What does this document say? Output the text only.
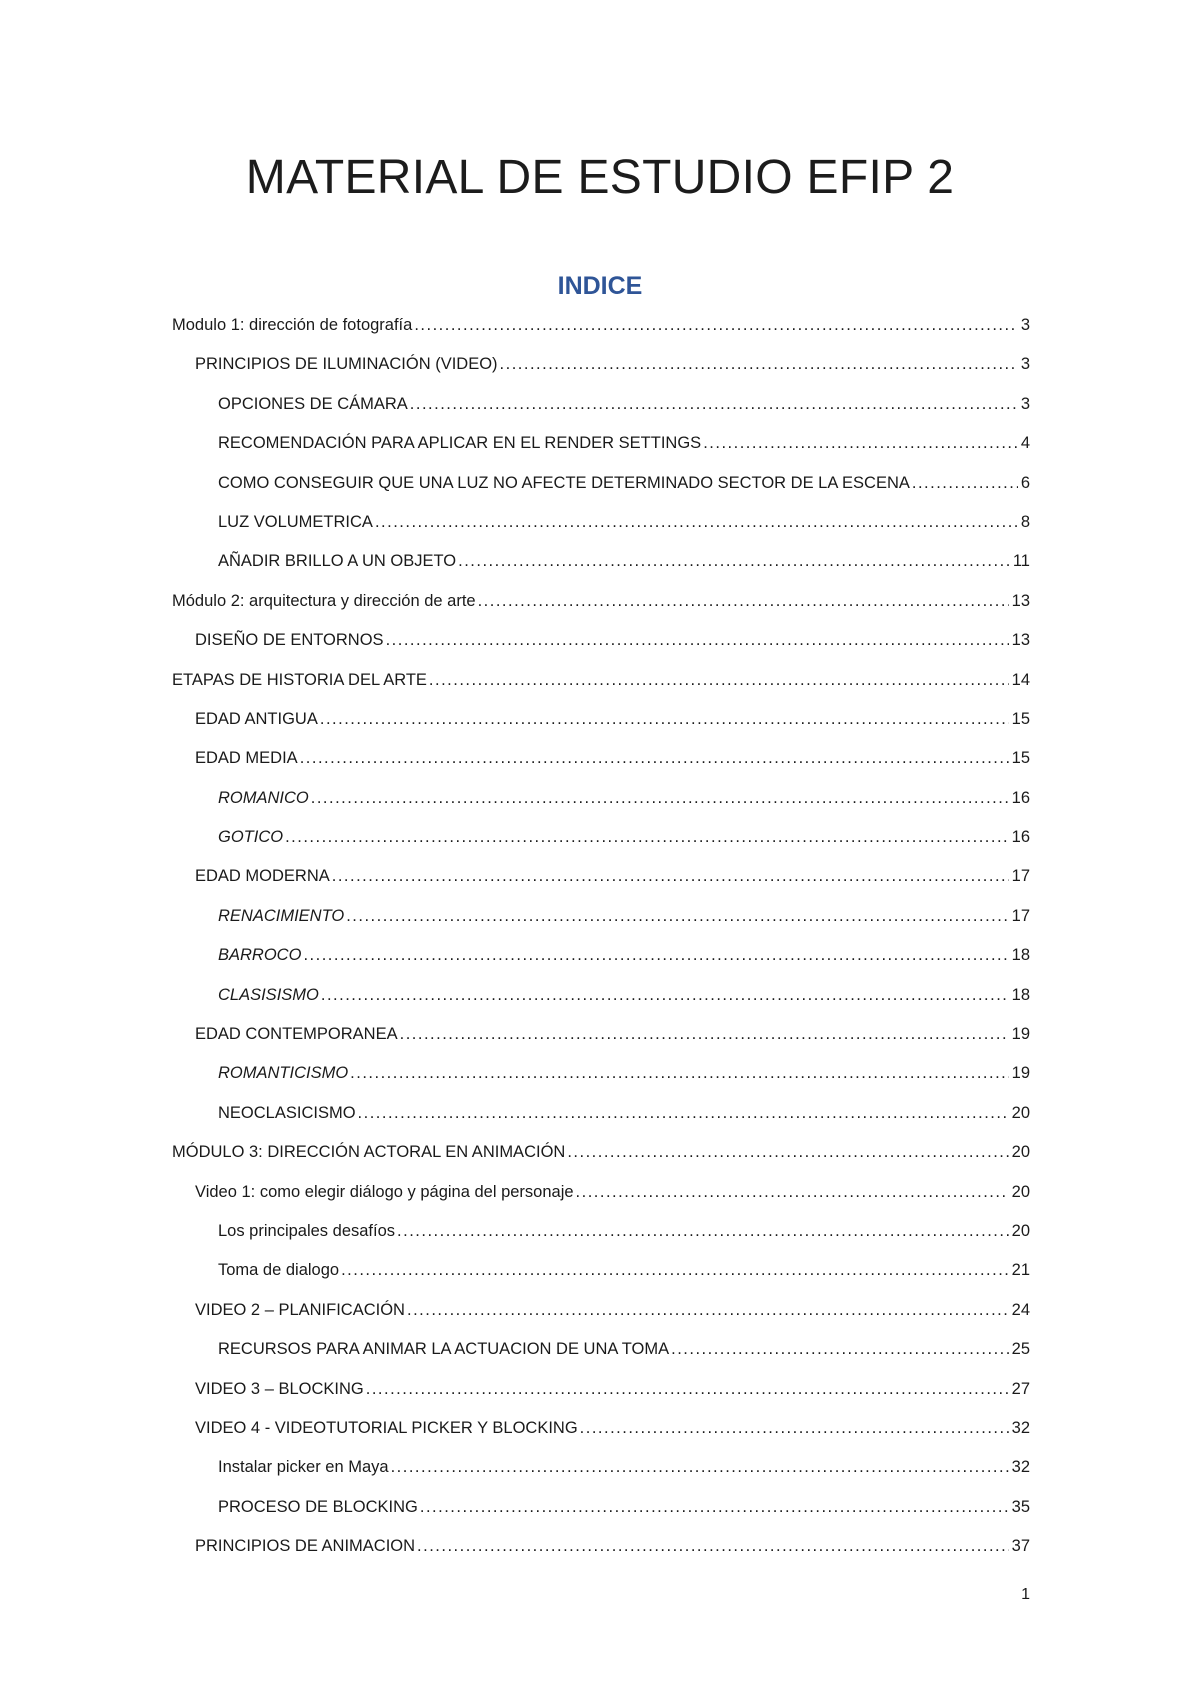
MATERIAL DE ESTUDIO EFIP 2
INDICE
Modulo 1: dirección de fotografía .....	3
PRINCIPIOS DE ILUMINACIÓN (VIDEO) .....	3
OPCIONES DE CÁMARA .....	3
RECOMENDACIÓN PARA APLICAR EN EL RENDER SETTINGS .....	4
COMO CONSEGUIR QUE UNA LUZ NO AFECTE DETERMINADO SECTOR DE LA ESCENA .....	6
LUZ VOLUMETRICA .....	8
AÑADIR BRILLO A UN OBJETO .....	11
Módulo 2: arquitectura y dirección de arte .....	13
DISEÑO DE ENTORNOS .....	13
ETAPAS DE HISTORIA DEL ARTE .....	14
EDAD ANTIGUA .....	15
EDAD MEDIA .....	15
ROMANICO .....	16
GOTICO .....	16
EDAD MODERNA .....	17
RENACIMIENTO .....	17
BARROCO .....	18
CLASISISMO .....	18
EDAD CONTEMPORANEA .....	19
ROMANTICISMO .....	19
NEOCLASICISMO .....	20
MÓDULO 3: DIRECCIÓN ACTORAL EN ANIMACIÓN .....	20
Video 1: como elegir diálogo y página del personaje .....	20
Los principales desafíos .....	20
Toma de dialogo .....	21
VIDEO 2 – PLANIFICACIÓN .....	24
RECURSOS PARA ANIMAR LA ACTUACION DE UNA TOMA .....	25
VIDEO 3 – BLOCKING .....	27
VIDEO 4 - VIDEOTUTORIAL PICKER Y BLOCKING .....	32
Instalar picker en Maya .....	32
PROCESO DE BLOCKING .....	35
PRINCIPIOS DE ANIMACION .....	37
1
